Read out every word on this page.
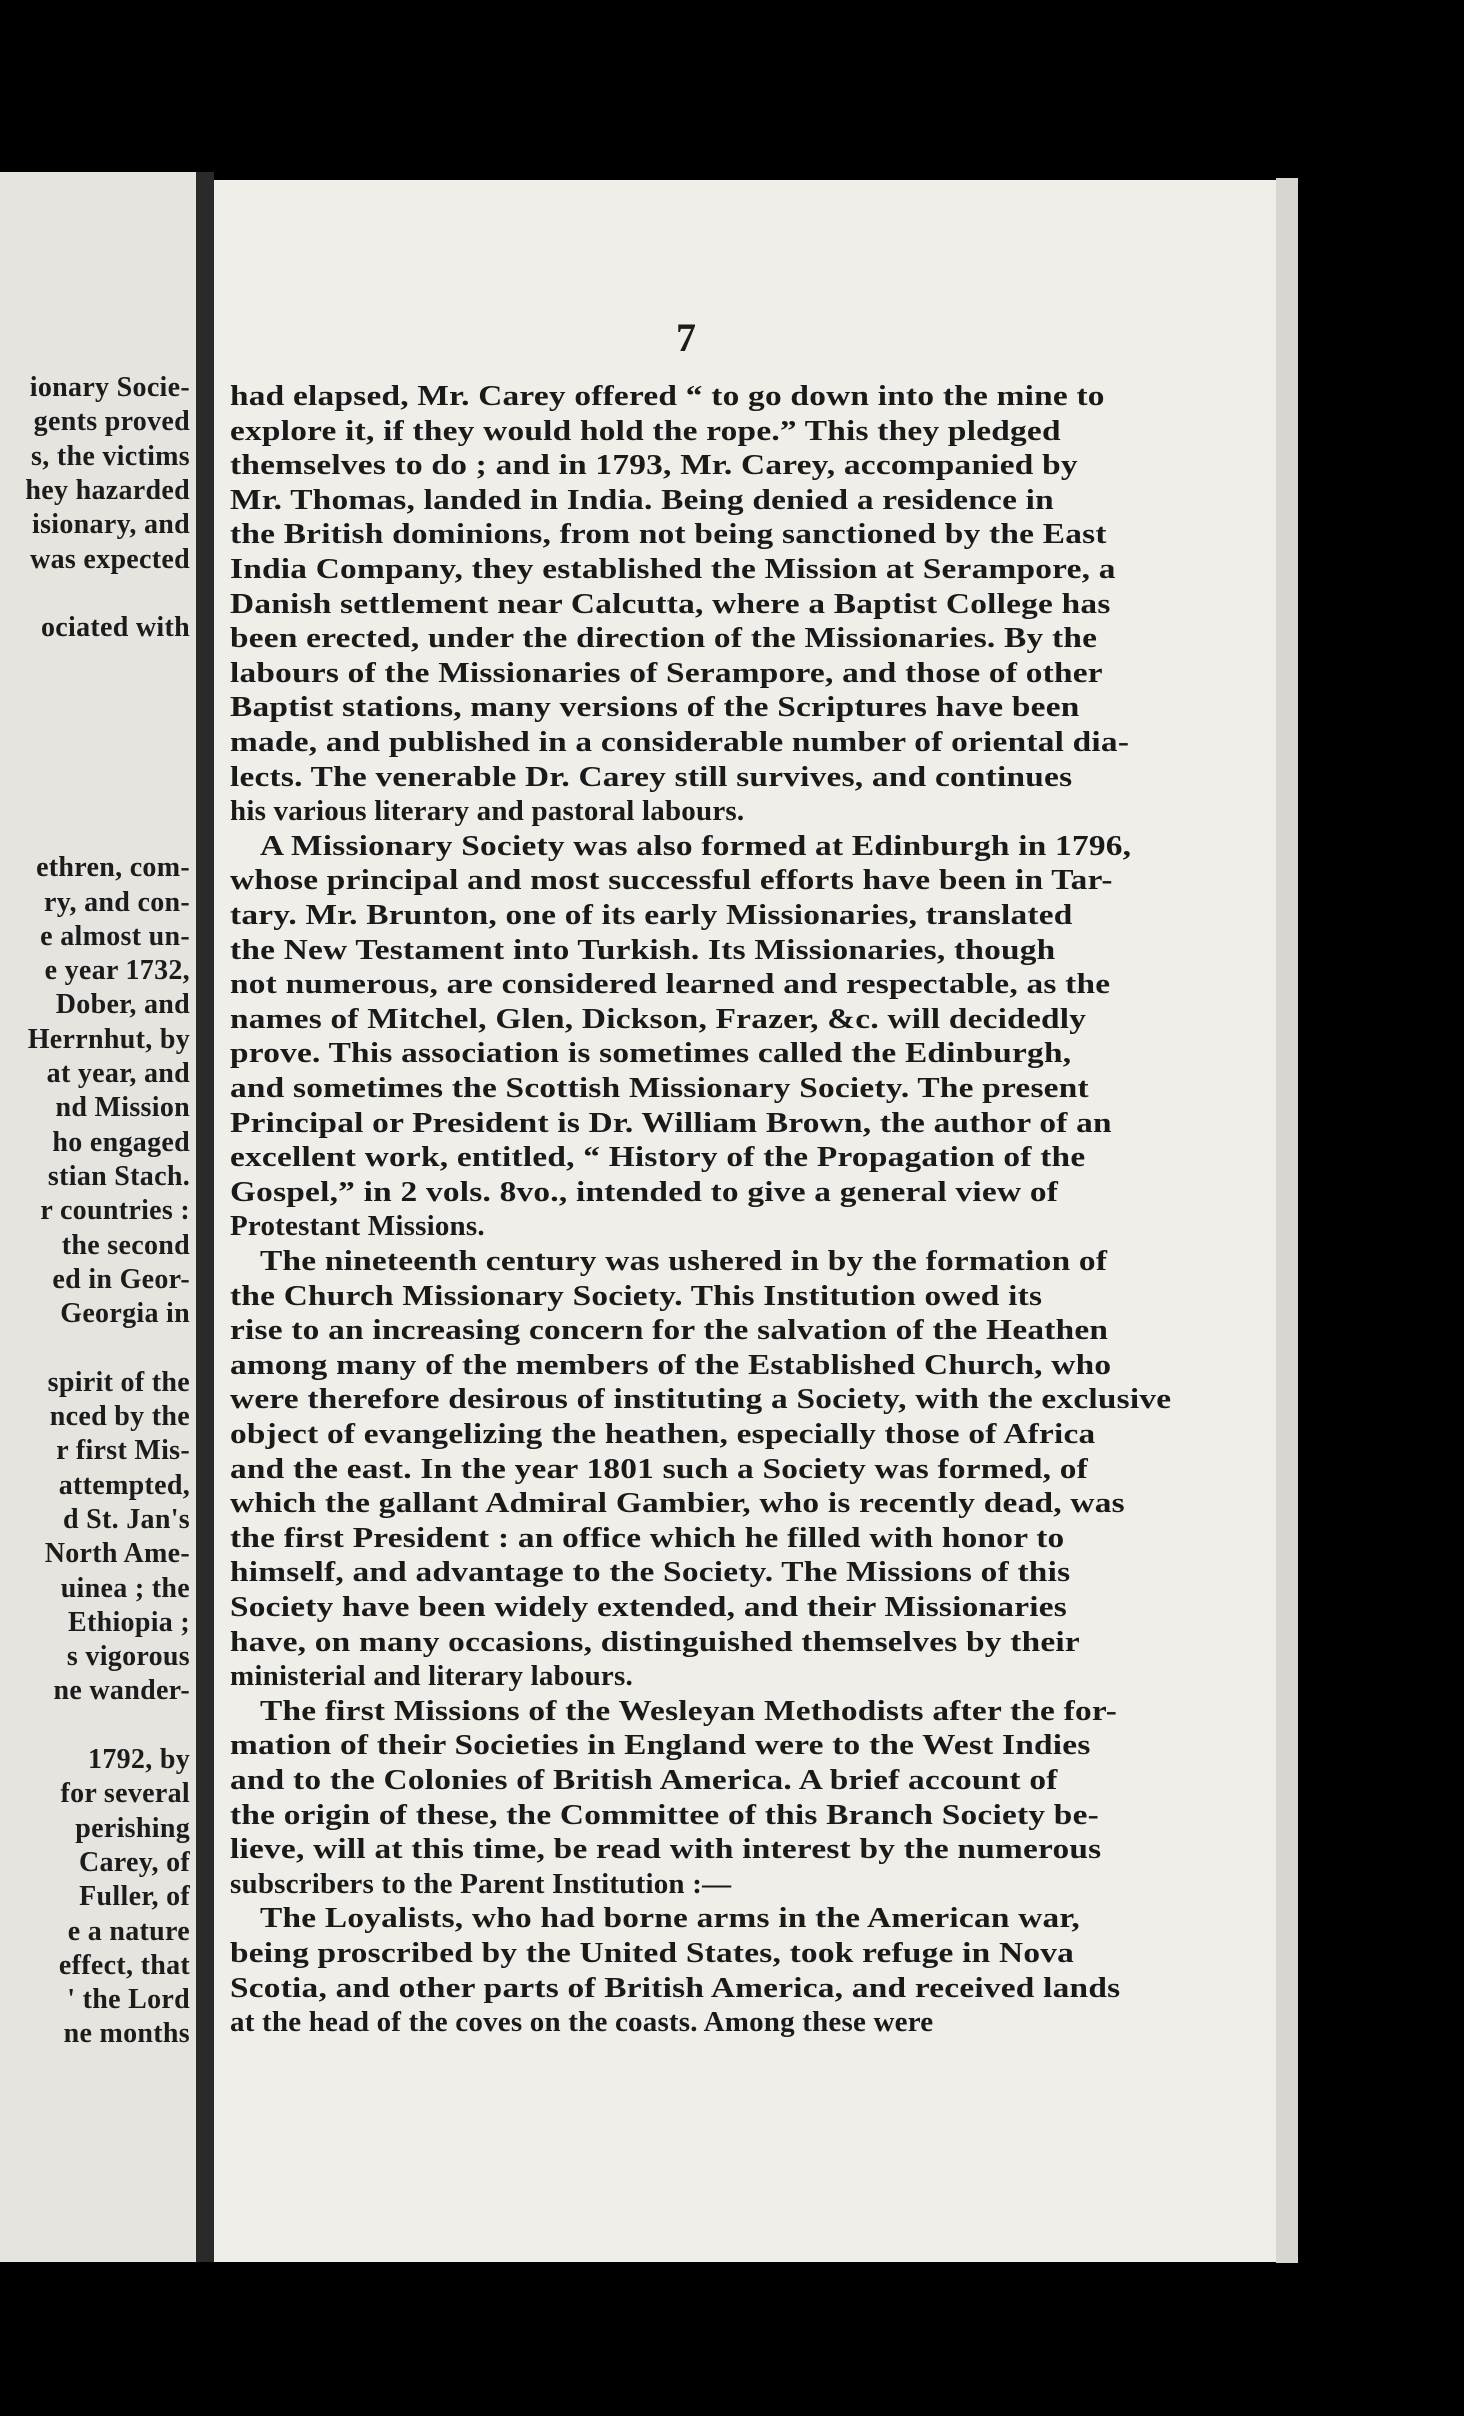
ionary Socie-
gents proved
s, the victims
hey hazarded
isionary, and
was expected
ociated with
ethren, com-
ry, and con-
e almost un-
e year 1732,
Dober, and
Herrnhut, by
at year, and
nd Mission
ho engaged
stian Stach.
r countries :
the second
ed in Geor-
Georgia in
spirit of the
nced by the
r first Mis-
attempted,
d St. Jan's
North Ame-
uinea ; the
Ethiopia ;
s vigorous
ne wander-
1792, by
for several
perishing
Carey, of
Fuller, of
e a nature
effect, that
' the Lord
ne months
7
had elapsed, Mr. Carey offered “ to go down into the mine to
explore it, if they would hold the rope.” This they pledged
themselves to do ; and in 1793, Mr. Carey, accompanied by
Mr. Thomas, landed in India. Being denied a residence in
the British dominions, from not being sanctioned by the East
India Company, they established the Mission at Serampore, a
Danish settlement near Calcutta, where a Baptist College has
been erected, under the direction of the Missionaries. By the
labours of the Missionaries of Serampore, and those of other
Baptist stations, many versions of the Scriptures have been
made, and published in a considerable number of oriental dia-
lects. The venerable Dr. Carey still survives, and continues
his various literary and pastoral labours.
A Missionary Society was also formed at Edinburgh in 1796,
whose principal and most successful efforts have been in Tar-
tary. Mr. Brunton, one of its early Missionaries, translated
the New Testament into Turkish. Its Missionaries, though
not numerous, are considered learned and respectable, as the
names of Mitchel, Glen, Dickson, Frazer, &c. will decidedly
prove. This association is sometimes called the Edinburgh,
and sometimes the Scottish Missionary Society. The present
Principal or President is Dr. William Brown, the author of an
excellent work, entitled, “ History of the Propagation of the
Gospel,” in 2 vols. 8vo., intended to give a general view of
Protestant Missions.
The nineteenth century was ushered in by the formation of
the Church Missionary Society. This Institution owed its
rise to an increasing concern for the salvation of the Heathen
among many of the members of the Established Church, who
were therefore desirous of instituting a Society, with the exclusive
object of evangelizing the heathen, especially those of Africa
and the east. In the year 1801 such a Society was formed, of
which the gallant Admiral Gambier, who is recently dead, was
the first President : an office which he filled with honor to
himself, and advantage to the Society. The Missions of this
Society have been widely extended, and their Missionaries
have, on many occasions, distinguished themselves by their
ministerial and literary labours.
The first Missions of the Wesleyan Methodists after the for-
mation of their Societies in England were to the West Indies
and to the Colonies of British America. A brief account of
the origin of these, the Committee of this Branch Society be-
lieve, will at this time, be read with interest by the numerous
subscribers to the Parent Institution :—
The Loyalists, who had borne arms in the American war,
being proscribed by the United States, took refuge in Nova
Scotia, and other parts of British America, and received lands
at the head of the coves on the coasts. Among these were
